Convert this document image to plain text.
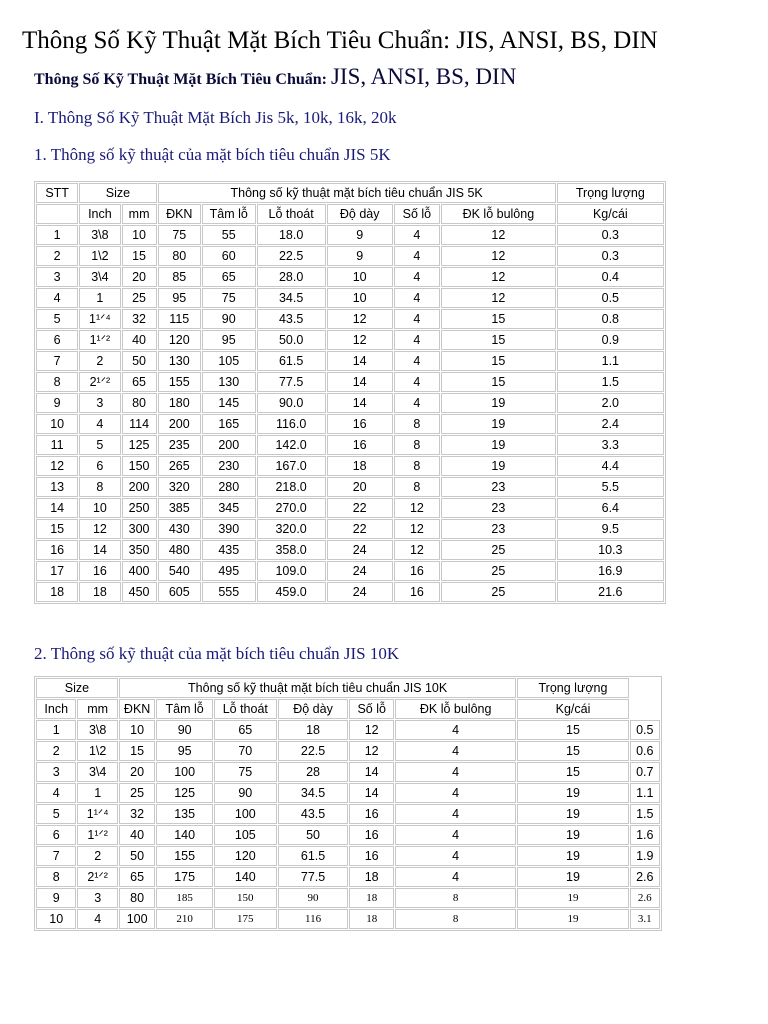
Thông Số Kỹ Thuật Mặt Bích Tiêu Chuẩn: JIS, ANSI, BS, DIN
Thông Số Kỹ Thuật Mặt Bích Tiêu Chuẩn: JIS, ANSI, BS, DIN
I. Thông Số Kỹ Thuật Mặt Bích Jis 5k, 10k, 16k, 20k
1. Thông số kỹ thuật của mặt bích tiêu chuẩn JIS 5K
STT	Size		Thông số kỹ thuật mặt bích tiêu chuẩn JIS 5K						Trọng lượng
	Inch	mm	ĐKN	Tâm lỗ	Lỗ thoát	Độ dày	Số lỗ	ĐK lỗ bulông	Kg/cái
1	3\8	10	75	55	18.0	9	4	12	0.3
2	1\2	15	80	60	22.5	9	4	12	0.3
3	3\4	20	85	65	28.0	10	4	12	0.4
4	1	25	95	75	34.5	10	4	12	0.5
5	1¹ᐟ⁴	32	115	90	43.5	12	4	15	0.8
6	1¹ᐟ²	40	120	95	50.0	12	4	15	0.9
7	2	50	130	105	61.5	14	4	15	1.1
8	2¹ᐟ²	65	155	130	77.5	14	4	15	1.5
9	3	80	180	145	90.0	14	4	19	2.0
10	4	114	200	165	116.0	16	8	19	2.4
11	5	125	235	200	142.0	16	8	19	3.3
12	6	150	265	230	167.0	18	8	19	4.4
13	8	200	320	280	218.0	20	8	23	5.5
14	10	250	385	345	270.0	22	12	23	6.4
15	12	300	430	390	320.0	22	12	23	9.5
16	14	350	480	435	358.0	24	12	25	10.3
17	16	400	540	495	109.0	24	16	25	16.9
18	18	450	605	555	459.0	24	16	25	21.6
2. Thông số kỹ thuật của mặt bích tiêu chuẩn JIS 10K
Size		Thông số kỹ thuật mặt bích tiêu chuẩn JIS 10K						Trọng lượng	
Inch	mm	ĐKN	Tâm lỗ	Lỗ thoát	Độ dày	Số lỗ	ĐK lỗ bulông	Kg/cái	
1	3\8	10	90	65	18	12	4	15	0.5
2	1\2	15	95	70	22.5	12	4	15	0.6
3	3\4	20	100	75	28	14	4	15	0.7
4	1	25	125	90	34.5	14	4	19	1.1
5	1¹ᐟ⁴	32	135	100	43.5	16	4	19	1.5
6	1¹ᐟ²	40	140	105	50	16	4	19	1.6
7	2	50	155	120	61.5	16	4	19	1.9
8	2¹ᐟ²	65	175	140	77.5	18	4	19	2.6
9	3	80	185	150	90	18	8	19	2.6
10	4	100	210	175	116	18	8	19	3.1
